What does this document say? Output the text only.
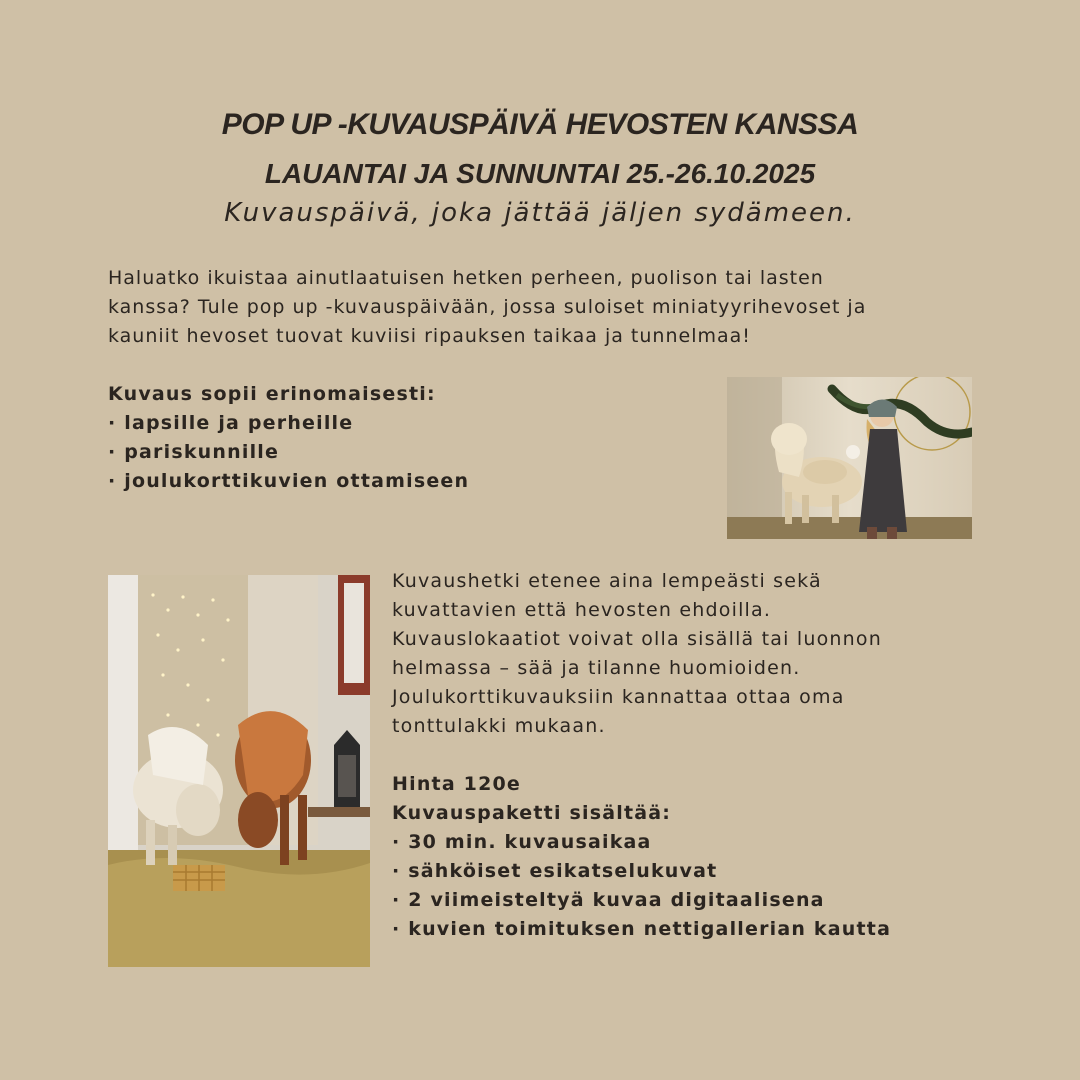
POP UP -KUVAUSPÄIVÄ HEVOSTEN KANSSA
LAUANTAI JA SUNNUNTAI 25.-26.10.2025

Kuvauspäivä, joka jättää jäljen sydämeen.

Haluatko ikuistaa ainutlaatuisen hetken perheen, puolison tai lasten
kanssa? Tule pop up -kuvauspäivään, jossa suloiset miniatyyrihevoset ja
kauniit hevoset tuovat kuviisi ripauksen taikaa ja tunnelmaa!
Kuvaus sopii erinomaisesti:
· lapsille ja perheille
· pariskunnille
· joulukorttikuvien ottamiseen
Kuvaushetki etenee aina lempeästi sekä
kuvattavien että hevosten ehdoilla.
Kuvauslokaatiot voivat olla sisällä tai luonnon
helmassa – sää ja tilanne huomioiden.
Joulukorttikuvauksiin kannattaa ottaa oma
tonttulakki mukaan.
Hinta 120e
Kuvauspaketti sisältää:
· 30 min. kuvausaikaa
· sähköiset esikatselukuvat
· 2 viimeisteltyä kuvaa digitaalisena
· kuvien toimituksen nettigallerian kautta
